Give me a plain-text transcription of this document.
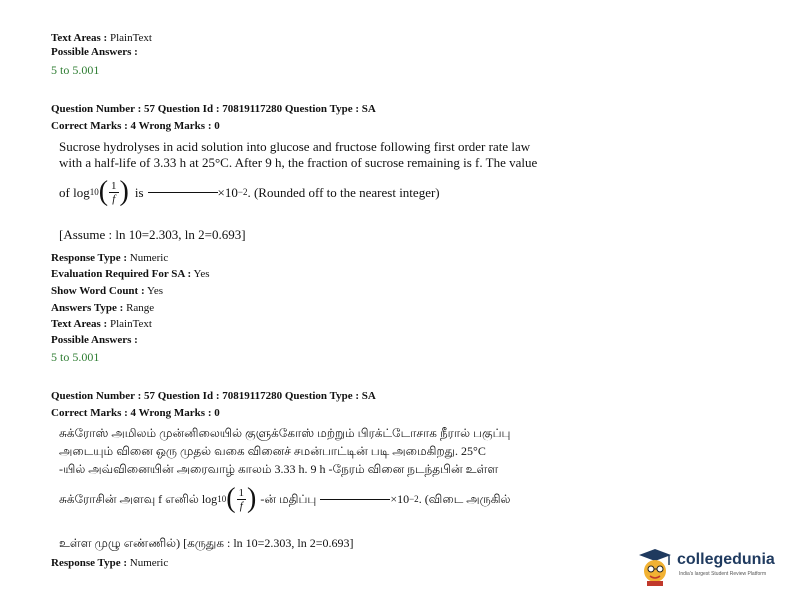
Text Areas : PlainText
Possible Answers :
5 to 5.001
Question Number : 57 Question Id : 70819117280 Question Type : SA
Correct Marks : 4 Wrong Marks : 0
Sucrose hydrolyses in acid solution into glucose and fructose following first order rate law
with a half-life of 3.33 h at 25°C. After 9 h, the fraction of sucrose remaining is f. The value
of log 10 ( $\frac{1}{f}$ ) is	×10 −2 . (Rounded off to the nearest integer)
[Assume : ln 10=2.303, ln 2=0.693]
Response Type : Numeric
Evaluation Required For SA : Yes
Show Word Count : Yes
Answers Type : Range
Text Areas : PlainText
Possible Answers :
5 to 5.001
Question Number : 57 Question Id : 70819117280 Question Type : SA
Correct Marks : 4 Wrong Marks : 0
சுக்ரோஸ் அமிலம் முன்னிலையில் குளுக்கோஸ் மற்றும் பிரக்ட்டோசாக நீரால் பகுப்பு
அடையும் வினை ஒரு முதல் வகை வினைச் சமன்பாட்டின் படி அமைகிறது. 25°C
-யில் அவ்வினையின் அரைவாழ் காலம் 3.33 h. 9 h -நேரம் வினை நடந்தபின் உள்ள
சுக்ரோசின் அளவு f எனில் log 10 ( $\frac{1}{f}$ ) -ன் மதிப்பு	×10 −2 . (விடை அருகில்
உள்ள முழு எண்ணில்) [கருதுக : ln 10=2.303, ln 2=0.693]
Response Type : Numeric	collegedunia
India's largest Student Review Platform
